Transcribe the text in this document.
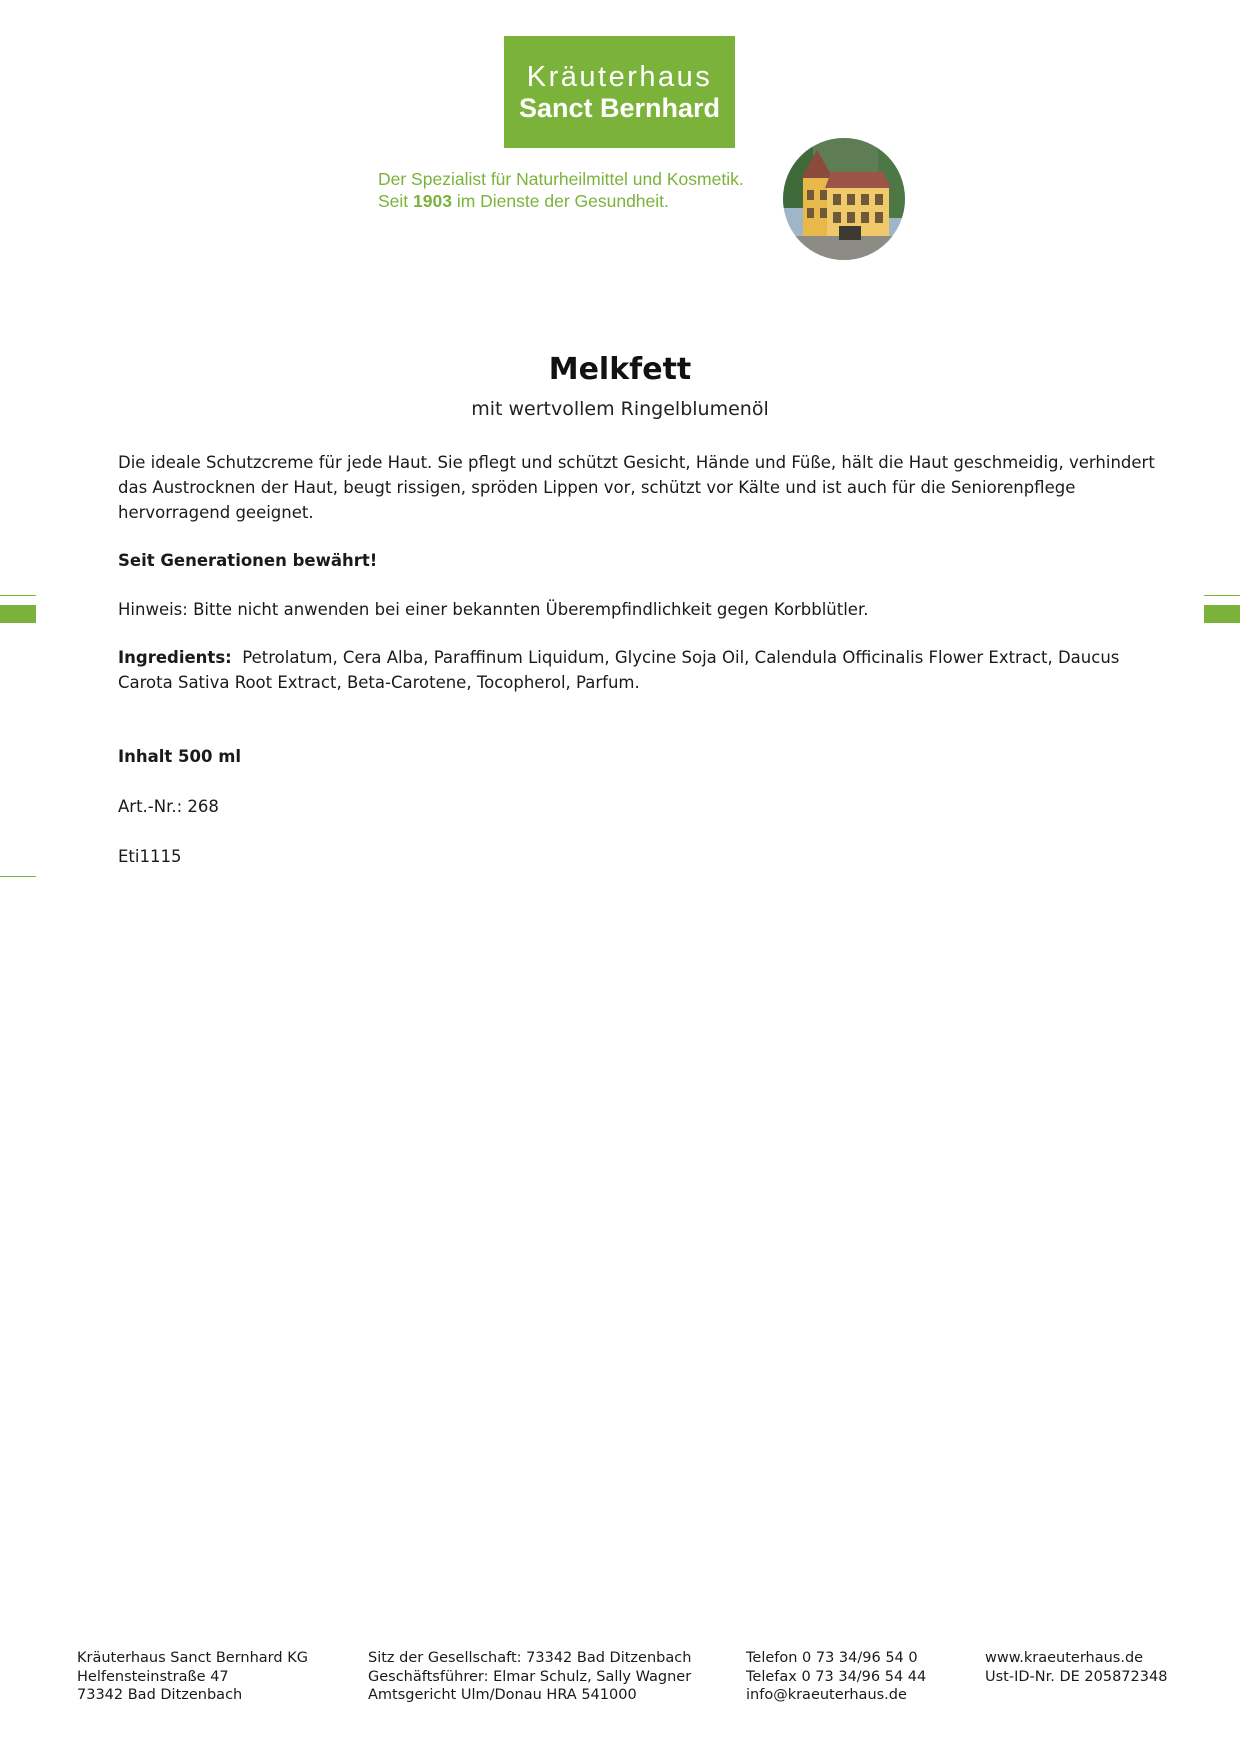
Kräuterhaus
Sanct Bernhard
Der Spezialist für Naturheilmittel und Kosmetik.
Seit 1903 im Dienste der Gesundheit.
Melkfett
mit wertvollem Ringelblumenöl
Die ideale Schutzcreme für jede Haut. Sie pflegt und schützt Gesicht, Hände und Füße, hält die Haut geschmeidig, verhindert das Austrocknen der Haut, beugt rissigen, spröden Lippen vor, schützt vor Kälte und ist auch für die Seniorenpflege hervorragend geeignet.
Seit Generationen bewährt!
Hinweis: Bitte nicht anwenden bei einer bekannten Überempfindlichkeit gegen Korbblütler.
Ingredients: Petrolatum, Cera Alba, Paraffinum Liquidum, Glycine Soja Oil, Calendula Officinalis Flower Extract, Daucus Carota Sativa Root Extract, Beta-Carotene, Tocopherol, Parfum.
Inhalt 500 ml
Art.-Nr.: 268
Eti1115
Kräuterhaus Sanct Bernhard KG
Helfensteinstraße 47
73342 Bad Ditzenbach
Sitz der Gesellschaft: 73342 Bad Ditzenbach
Geschäftsführer: Elmar Schulz, Sally Wagner
Amtsgericht Ulm/Donau HRA 541000
Telefon 0 73 34/96 54 0
Telefax 0 73 34/96 54 44
info@kraeuterhaus.de
www.kraeuterhaus.de
Ust-ID-Nr. DE 205872348
